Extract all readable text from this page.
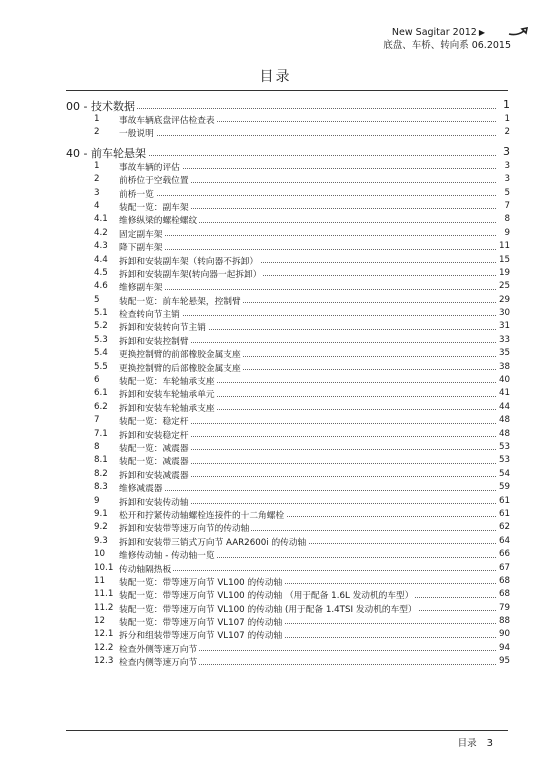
New Sagitar 2012 ▶
底盘、车桥、转向系 06.2015
目录
00 - 技术数据	1
1 事故车辆底盘评估检查表	1
2 一般说明	2
40 - 前车轮悬架	3
1 事故车辆的评估	3
2 前桥位于空载位置	3
3 前桥一览	5
4 装配一览：副车架	7
4.1 维修纵梁的螺栓螺纹	8
4.2 固定副车架	9
4.3 降下副车架	11
4.4 拆卸和安装副车架（转向器不拆卸）	15
4.5 拆卸和安装副车架(转向器一起拆卸）	19
4.6 维修副车架	25
5 装配一览：前车轮悬架，控制臂	29
5.1 检查转向节主销	30
5.2 拆卸和安装转向节主销	31
5.3 拆卸和安装控制臂	33
5.4 更换控制臂的前部橡胶金属支座	35
5.5 更换控制臂的后部橡胶金属支座	38
6 装配一览：车轮轴承支座	40
6.1 拆卸和安装车轮轴承单元	41
6.2 拆卸和安装车轮轴承支座	44
7 装配一览：稳定杆	48
7.1 拆卸和安装稳定杆	48
8 装配一览：减震器	53
8.1 装配一览：减震器	53
8.2 拆卸和安装减震器	54
8.3 维修减震器	59
9 拆卸和安装传动轴	61
9.1 松开和拧紧传动轴螺栓连接件的十二角螺栓	61
9.2 拆卸和安装带等速万向节的传动轴	62
9.3 拆卸和安装带三销式万向节 AAR2600i 的传动轴	64
10 维修传动轴 - 传动轴一览	66
10.1 传动轴隔热板	67
11 装配一览：带等速万向节 VL100 的传动轴	68
11.1 装配一览：带等速万向节 VL100 的传动轴 （用于配备 1.6L 发动机的车型）	68
11.2 装配一览：带等速万向节 VL100 的传动轴 (用于配备 1.4TSI 发动机的车型）	79
12 装配一览：带等速万向节 VL107 的传动轴	88
12.1 拆分和组装带等速万向节 VL107 的传动轴	90
12.2 检查外侧等速万向节	94
12.3 检查内侧等速万向节	95
目录 3
